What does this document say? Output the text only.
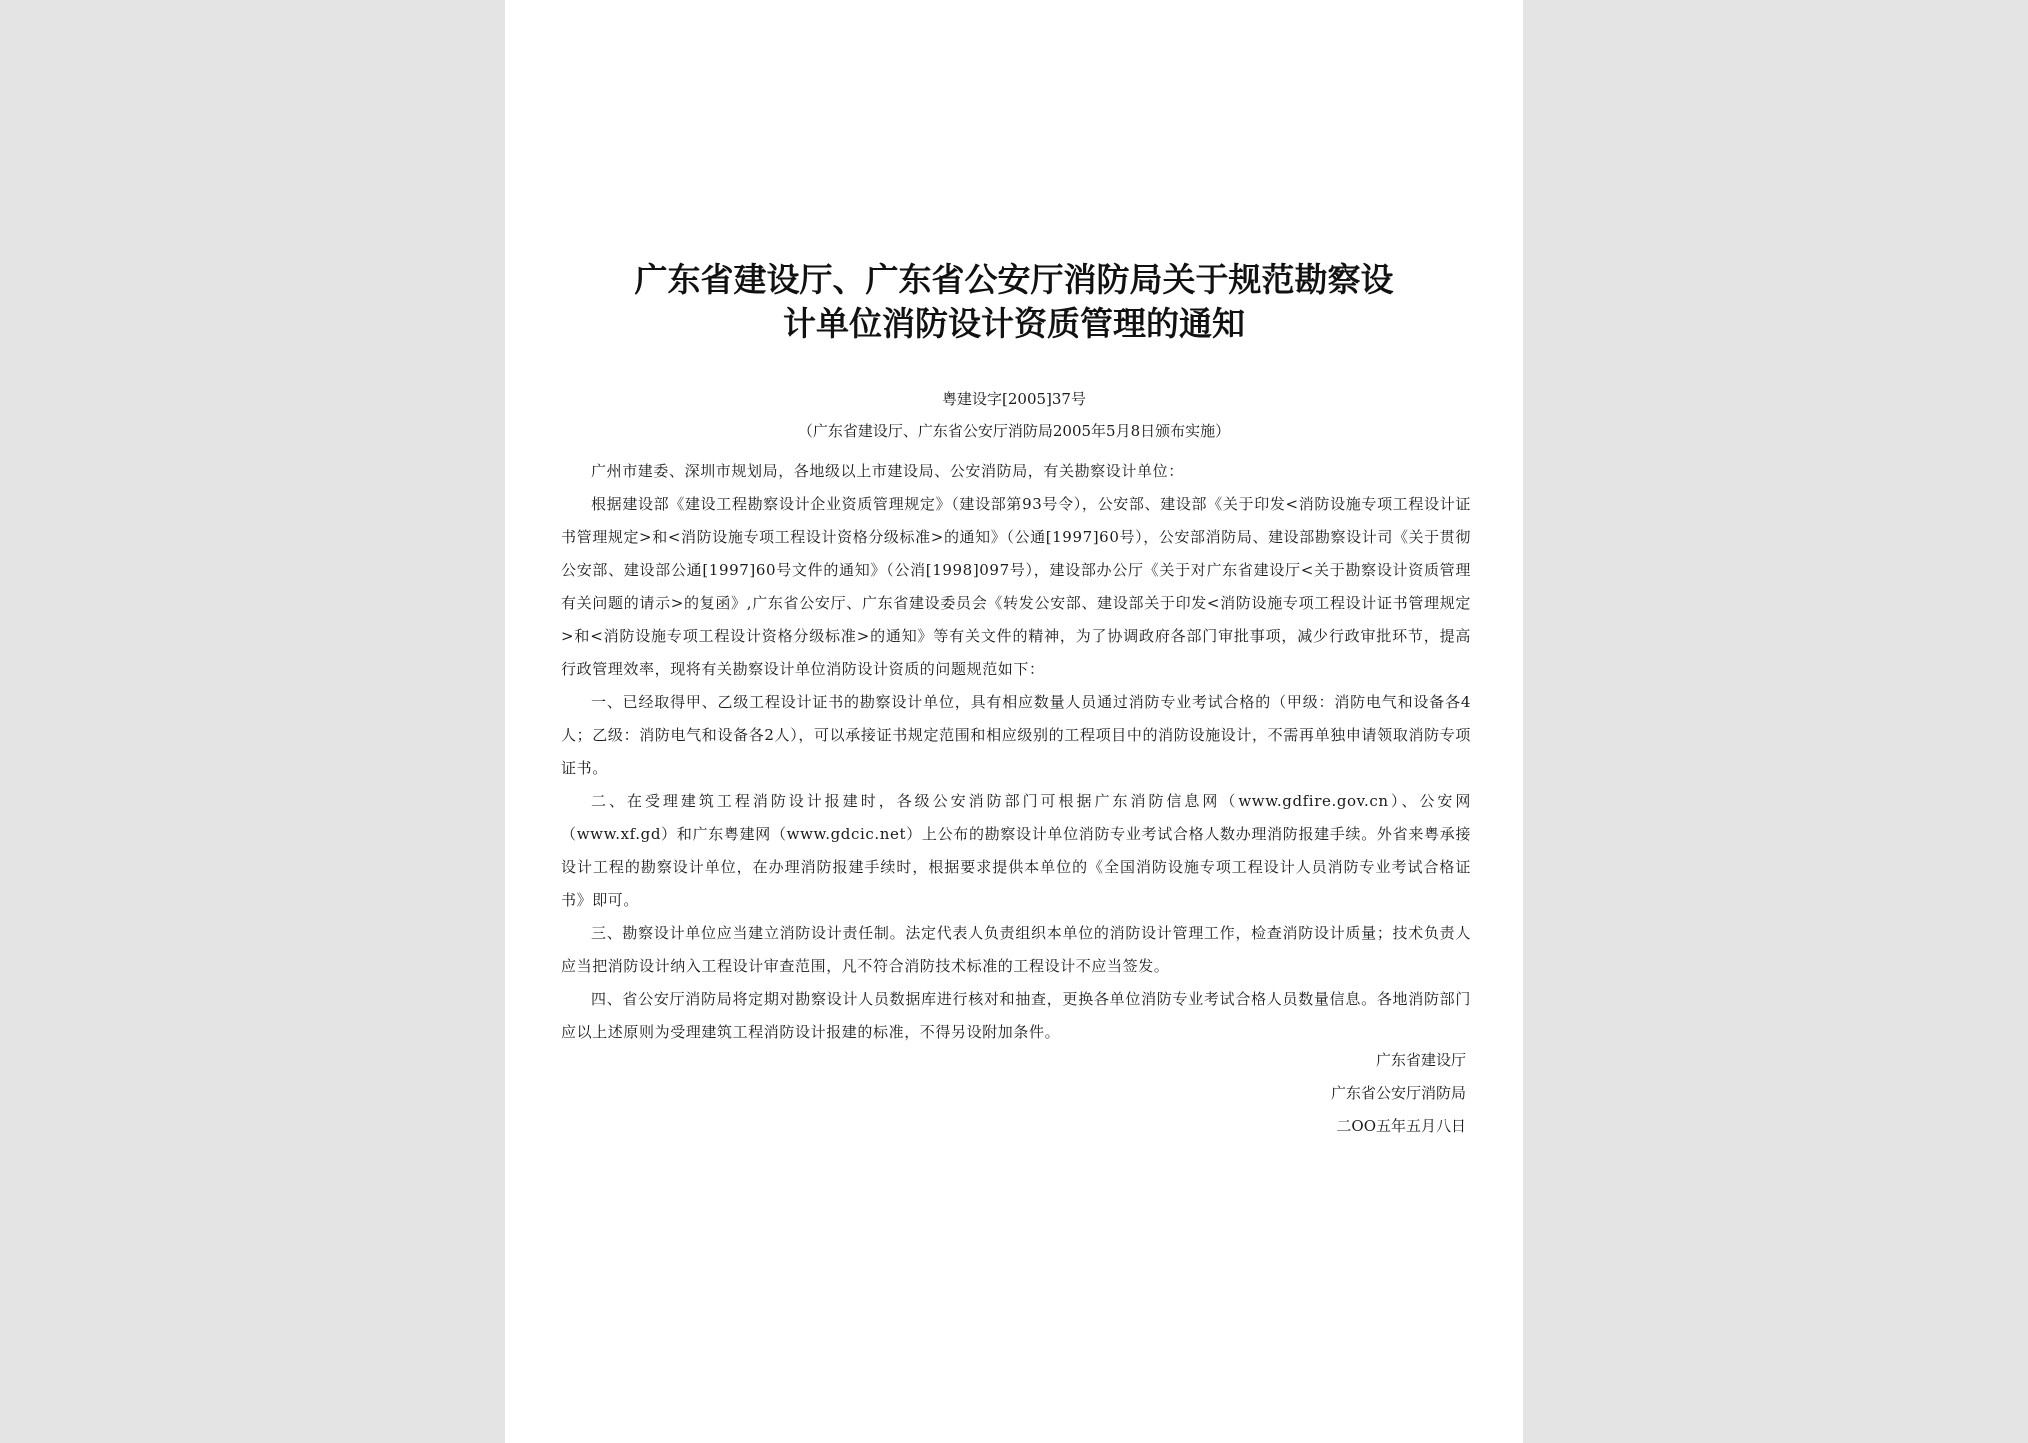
广东省建设厅、广东省公安厅消防局关于规范勘察设
计单位消防设计资质管理的通知
粤建设字[2005]37号
（广东省建设厅、广东省公安厅消防局2005年5月8日颁布实施）

广州市建委、深圳市规划局，各地级以上市建设局、公安消防局，有关勘察设计单位：

根据建设部《建设工程勘察设计企业资质管理规定》（建设部第93号令），公安部、建设部《关于印发<消防设施专项工程设计证书管理规定>和<消防设施专项工程设计资格分级标准>的通知》（公通[1997]60号），公安部消防局、建设部勘察设计司《关于贯彻公安部、建设部公通[1997]60号文件的通知》（公消[1998]097号），建设部办公厅《关于对广东省建设厅<关于勘察设计资质管理有关问题的请示>的复函》,广东省公安厅、广东省建设委员会《转发公安部、建设部关于印发<消防设施专项工程设计证书管理规定>和<消防设施专项工程设计资格分级标准>的通知》等有关文件的精神，为了协调政府各部门审批事项，减少行政审批环节，提高行政管理效率，现将有关勘察设计单位消防设计资质的问题规范如下：

一、已经取得甲、乙级工程设计证书的勘察设计单位，具有相应数量人员通过消防专业考试合格的（甲级：消防电气和设备各4人；乙级：消防电气和设备各2人），可以承接证书规定范围和相应级别的工程项目中的消防设施设计，不需再单独申请领取消防专项证书。

二、在受理建筑工程消防设计报建时，各级公安消防部门可根据广东消防信息网（www.gdfire.gov.cn）、公安网（www.xf.gd）和广东粤建网（www.gdcic.net）上公布的勘察设计单位消防专业考试合格人数办理消防报建手续。外省来粤承接设计工程的勘察设计单位，在办理消防报建手续时，根据要求提供本单位的《全国消防设施专项工程设计人员消防专业考试合格证书》即可。

三、勘察设计单位应当建立消防设计责任制。法定代表人负责组织本单位的消防设计管理工作，检查消防设计质量；技术负责人应当把消防设计纳入工程设计审查范围，凡不符合消防技术标准的工程设计不应当签发。

四、省公安厅消防局将定期对勘察设计人员数据库进行核对和抽查，更换各单位消防专业考试合格人员数量信息。各地消防部门应以上述原则为受理建筑工程消防设计报建的标准，不得另设附加条件。

广东省建设厅
广东省公安厅消防局
二OO五年五月八日
